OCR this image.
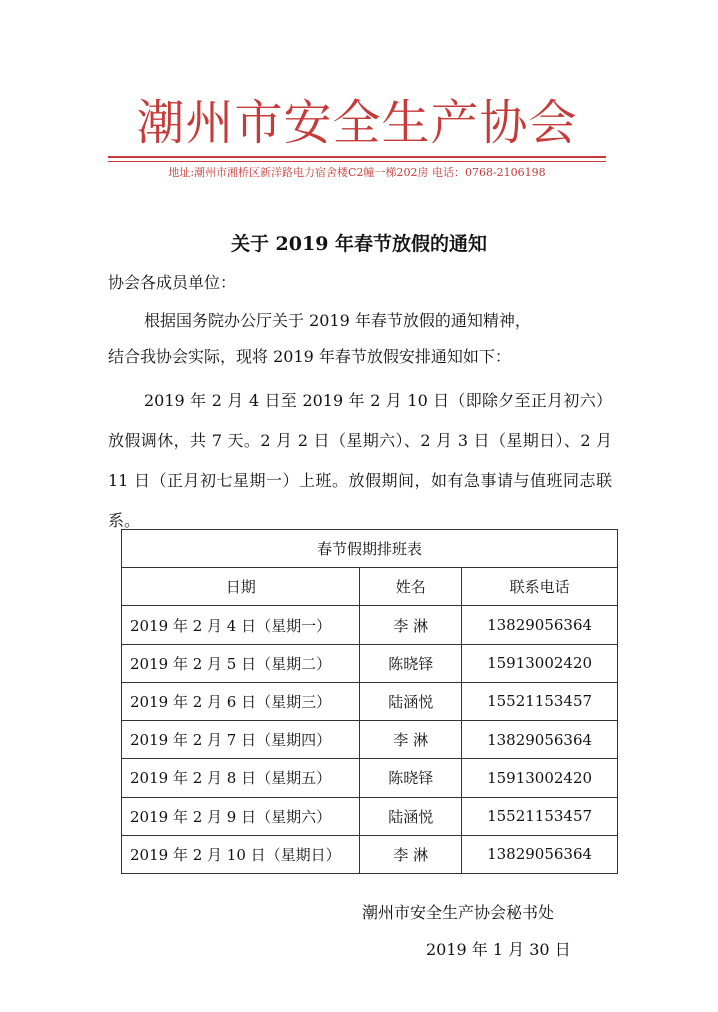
潮州市安全生产协会
地址:潮州市湘桥区新洋路电力宿舍楼C2幢一梯202房 电话：0768-2106198
关于 2019 年春节放假的通知
协会各成员单位：
根据国务院办公厅关于 2019 年春节放假的通知精神，
结合我协会实际，现将 2019 年春节放假安排通知如下：
2019 年 2 月 4 日至 2019 年 2 月 10 日（即除夕至正月初六）放假调休，共 7 天。2 月 2 日（星期六）、2 月 3 日（星期日）、2 月 11 日（正月初七星期一）上班。放假期间，如有急事请与值班同志联系。
春节假期排班表		
日期	姓名	联系电话
2019 年 2 月 4 日（星期一）	李 淋	13829056364
2019 年 2 月 5 日（星期二）	陈晓铎	15913002420
2019 年 2 月 6 日（星期三）	陆涵悦	15521153457
2019 年 2 月 7 日（星期四）	李 淋	13829056364
2019 年 2 月 8 日（星期五）	陈晓铎	15913002420
2019 年 2 月 9 日（星期六）	陆涵悦	15521153457
2019 年 2 月 10 日（星期日）	李 淋	13829056364
潮州市安全生产协会秘书处
2019 年 1 月 30 日
